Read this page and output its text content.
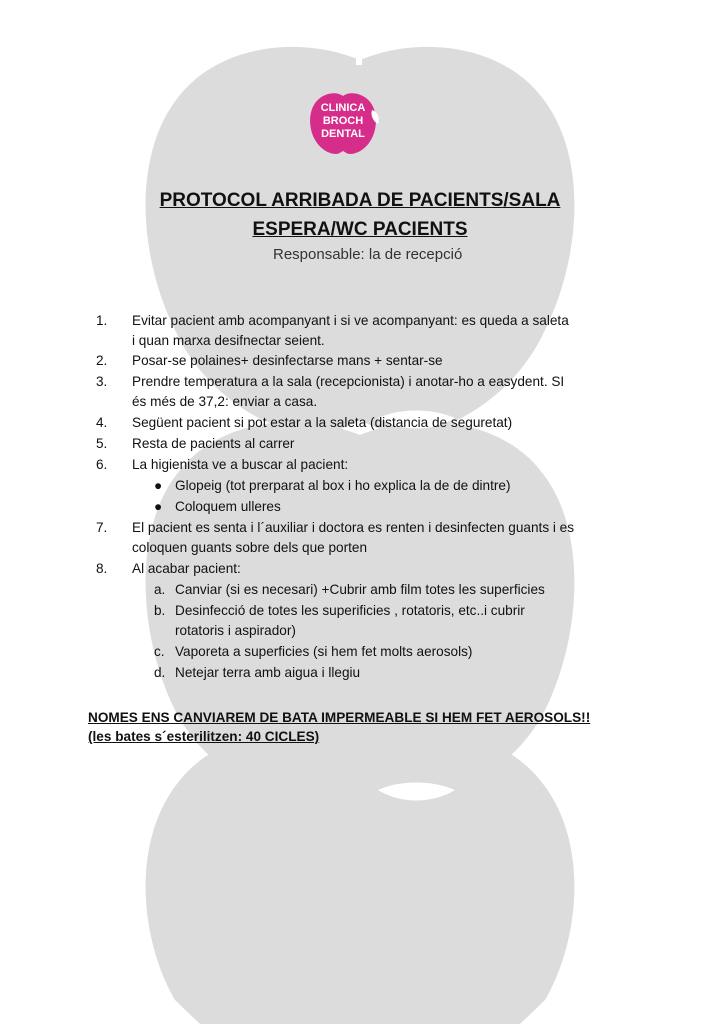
CLINICA
BROCH
DENTAL
PROTOCOL ARRIBADA DE PACIENTS/SALA
ESPERA/WC PACIENTS
Responsable: la de recepció
1. Evitar pacient amb acompanyant i si ve acompanyant: es queda a saleta
i quan marxa desifnectar seient.
2. Posar-se polaines+ desinfectarse mans + sentar-se
3. Prendre temperatura a la sala (recepcionista) i anotar-ho a easydent. SI
és més de 37,2: enviar a casa.
4. Següent pacient si pot estar a la saleta (distancia de seguretat)
5. Resta de pacients al carrer
6. La higienista ve a buscar al pacient:
● Glopeig (tot prerparat al box i ho explica la de de dintre)
● Coloquem ulleres
7. El pacient es senta i l´auxiliar i doctora es renten i desinfecten guants i es
coloquen guants sobre dels que porten
8. Al acabar pacient:
a. Canviar (si es necesari) +Cubrir amb film totes les superficies
b. Desinfecció de totes les superificies , rotatoris, etc..i cubrir
rotatoris i aspirador)
c. Vaporeta a superficies (si hem fet molts aerosols)
d. Netejar terra amb aigua i llegiu
NOMES ENS CANVIAREM DE BATA IMPERMEABLE SI HEM FET AEROSOLS!!
(les bates s´esterilitzen: 40 CICLES)
